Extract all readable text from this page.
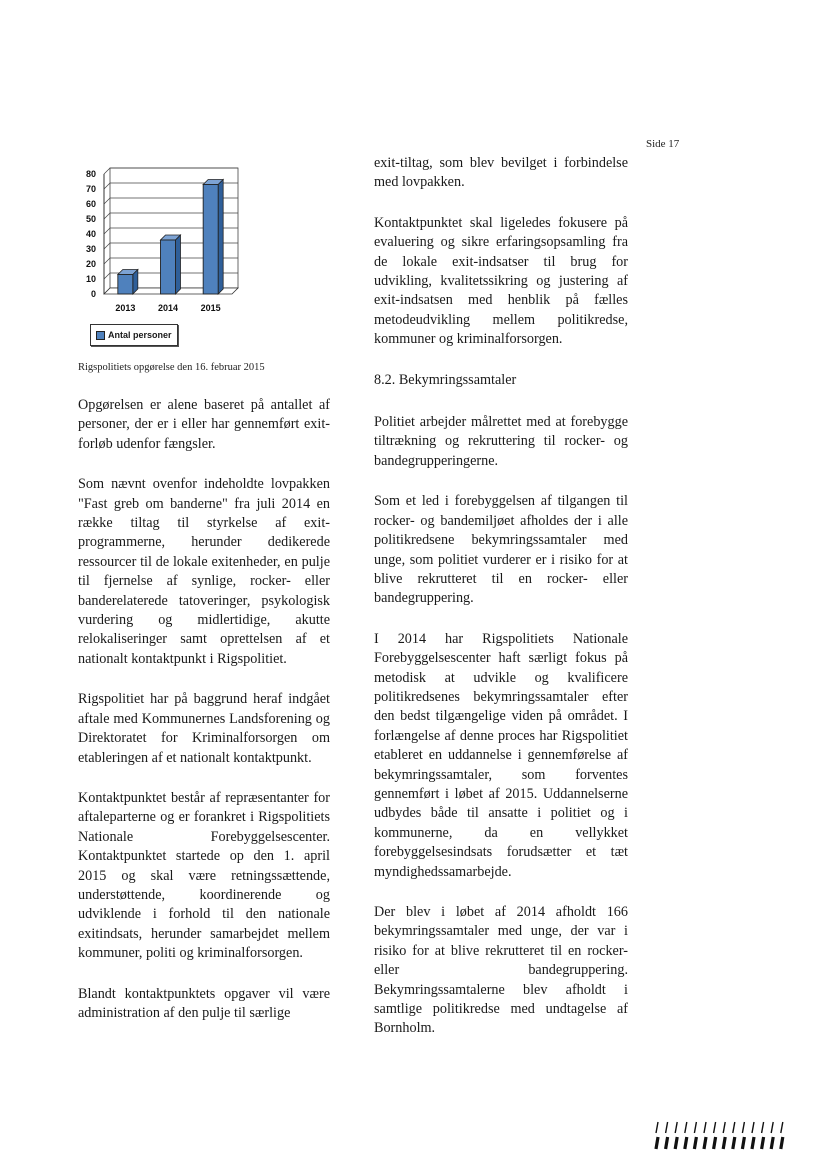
Side 17
0
10
20
30
40
50
60
70
80
2013	2014	2015
Antal personer
Rigspolitiets opgørelse den 16. februar 2015

Opgørelsen er alene baseret på antallet af personer, der er i eller har gennemført exit-forløb udenfor fængsler.

Som nævnt ovenfor indeholdte lovpakken "Fast greb om banderne" fra juli 2014 en række tiltag til styrkelse af exit-programmerne, herunder dedikerede ressourcer til de lokale exitenheder, en pulje til fjernelse af synlige, rocker- eller banderelaterede tatoveringer, psykologisk vurdering og midlertidige, akutte relokaliseringer samt oprettelsen af et nationalt kontaktpunkt i Rigspolitiet.

Rigspolitiet har på baggrund heraf indgået aftale med Kommunernes Landsforening og Direktoratet for Kriminalforsorgen om etableringen af et nationalt kontaktpunkt.

Kontaktpunktet består af repræsentanter for aftaleparterne og er forankret i Rigspolitiets Nationale Forebyggelsescenter. Kontaktpunktet startede op den 1. april 2015 og skal være retningssættende, understøttende, koordinerende og udviklende i forhold til den nationale exitindsats, herunder samarbejdet mellem kommuner, politi og kriminalforsorgen.

Blandt kontaktpunktets opgaver vil være administration af den pulje til særlige

exit-tiltag, som blev bevilget i forbindelse med lovpakken.

Kontaktpunktet skal ligeledes fokusere på evaluering og sikre erfaringsopsamling fra de lokale exit-indsatser til brug for udvikling, kvalitetssikring og justering af exit-indsatsen med henblik på fælles metodeudvikling mellem politikredse, kommuner og kriminalforsorgen.

8.2. Bekymringssamtaler

Politiet arbejder målrettet med at forebygge tiltrækning og rekruttering til rocker- og bandegrupperingerne.

Som et led i forebyggelsen af tilgangen til rocker- og bandemiljøet afholdes der i alle politikredsene bekymringssamtaler med unge, som politiet vurderer er i risiko for at blive rekrutteret til en rocker- eller bandegruppering.

I 2014 har Rigspolitiets Nationale Forebyggelsescenter haft særligt fokus på metodisk at udvikle og kvalificere politikredsenes bekymringssamtaler efter den bedst tilgængelige viden på området. I forlængelse af denne proces har Rigspolitiet etableret en uddannelse i gennemførelse af bekymringssamtaler, som forventes gennemført i løbet af 2015. Uddannelserne udbydes både til ansatte i politiet og i kommunerne, da en vellykket forebyggelsesindsats forudsætter et tæt myndighedssamarbejde.

Der blev i løbet af 2014 afholdt 166 bekymringssamtaler med unge, der var i risiko for at blive rekrutteret til en rocker- eller bandegruppering. Bekymringssamtalerne blev afholdt i samtlige politikredse med undtagelse af Bornholm.
